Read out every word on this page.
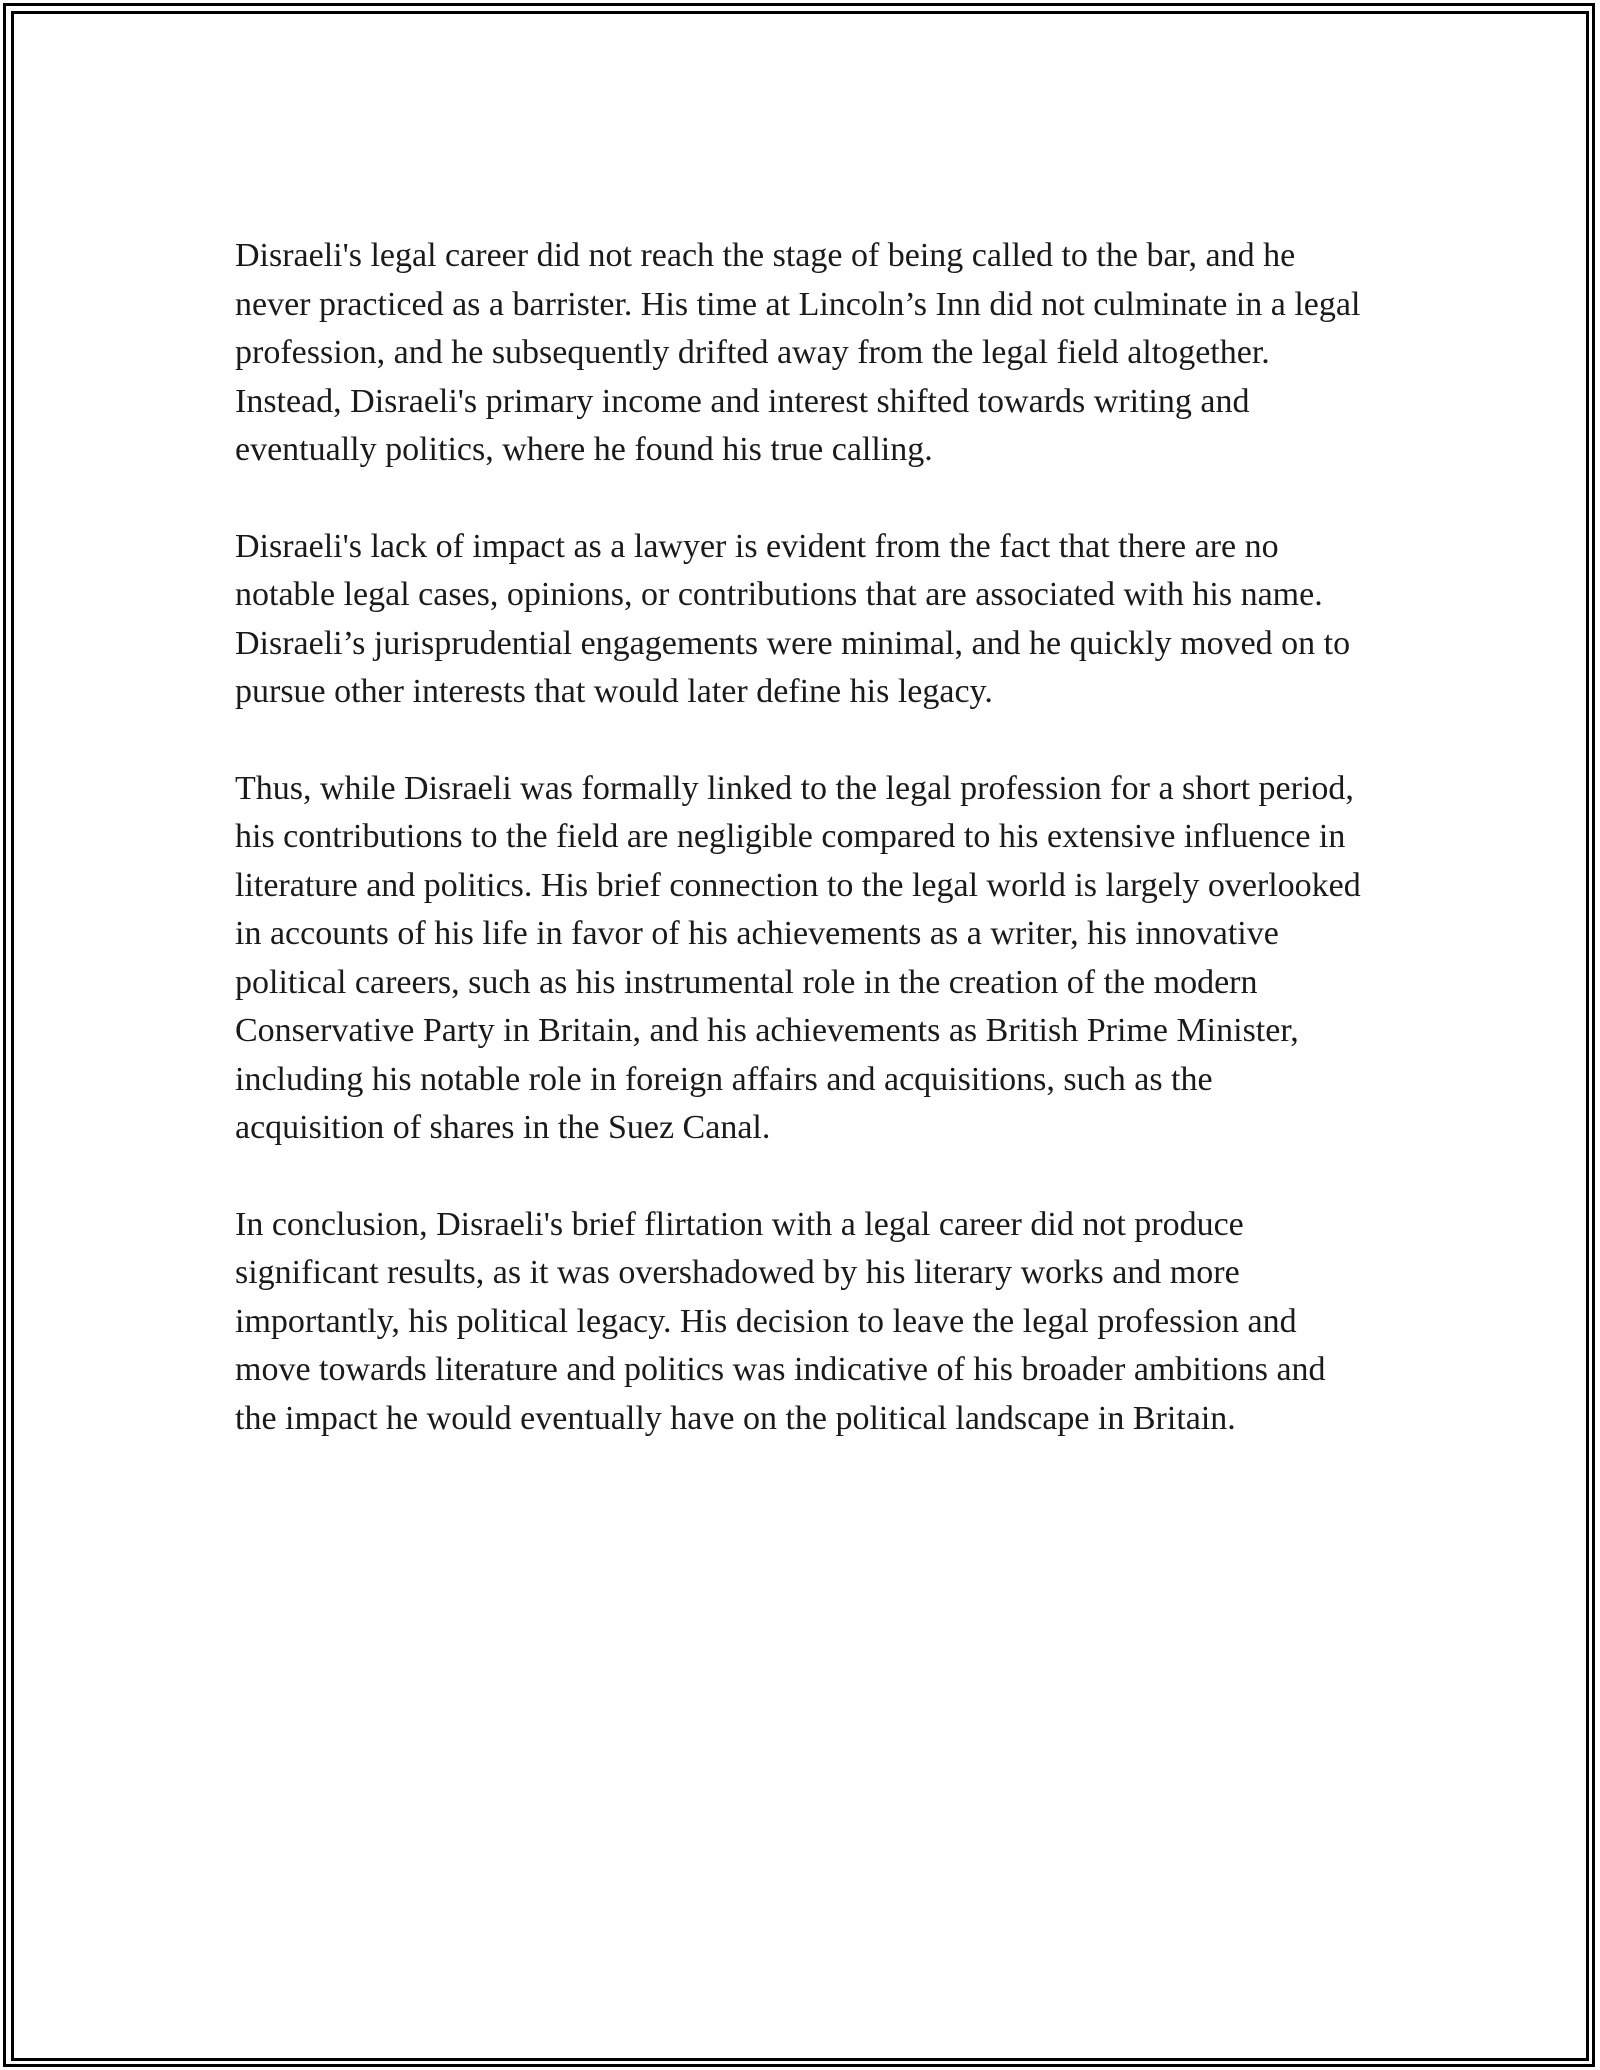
Disraeli's legal career did not reach the stage of being called to the bar, and he never practiced as a barrister. His time at Lincoln’s Inn did not culminate in a legal profession, and he subsequently drifted away from the legal field altogether. Instead, Disraeli's primary income and interest shifted towards writing and eventually politics, where he found his true calling.

Disraeli's lack of impact as a lawyer is evident from the fact that there are no notable legal cases, opinions, or contributions that are associated with his name. Disraeli’s jurisprudential engagements were minimal, and he quickly moved on to pursue other interests that would later define his legacy.

Thus, while Disraeli was formally linked to the legal profession for a short period, his contributions to the field are negligible compared to his extensive influence in literature and politics. His brief connection to the legal world is largely overlooked in accounts of his life in favor of his achievements as a writer, his innovative political careers, such as his instrumental role in the creation of the modern Conservative Party in Britain, and his achievements as British Prime Minister, including his notable role in foreign affairs and acquisitions, such as the acquisition of shares in the Suez Canal.

In conclusion, Disraeli's brief flirtation with a legal career did not produce significant results, as it was overshadowed by his literary works and more importantly, his political legacy. His decision to leave the legal profession and move towards literature and politics was indicative of his broader ambitions and the impact he would eventually have on the political landscape in Britain.
